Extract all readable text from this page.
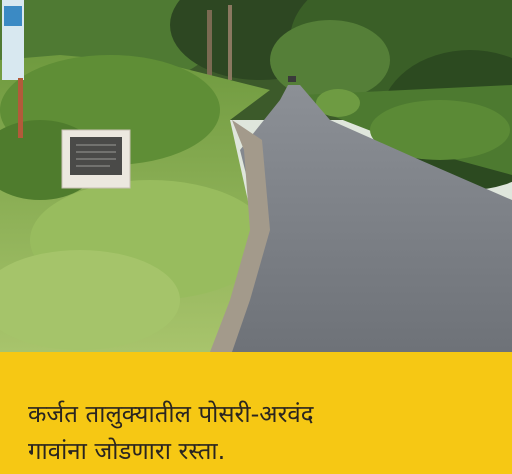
कर्जत तालुक्यातील पोसरी-अरवंद
गावांना जोडणारा रस्ता.
